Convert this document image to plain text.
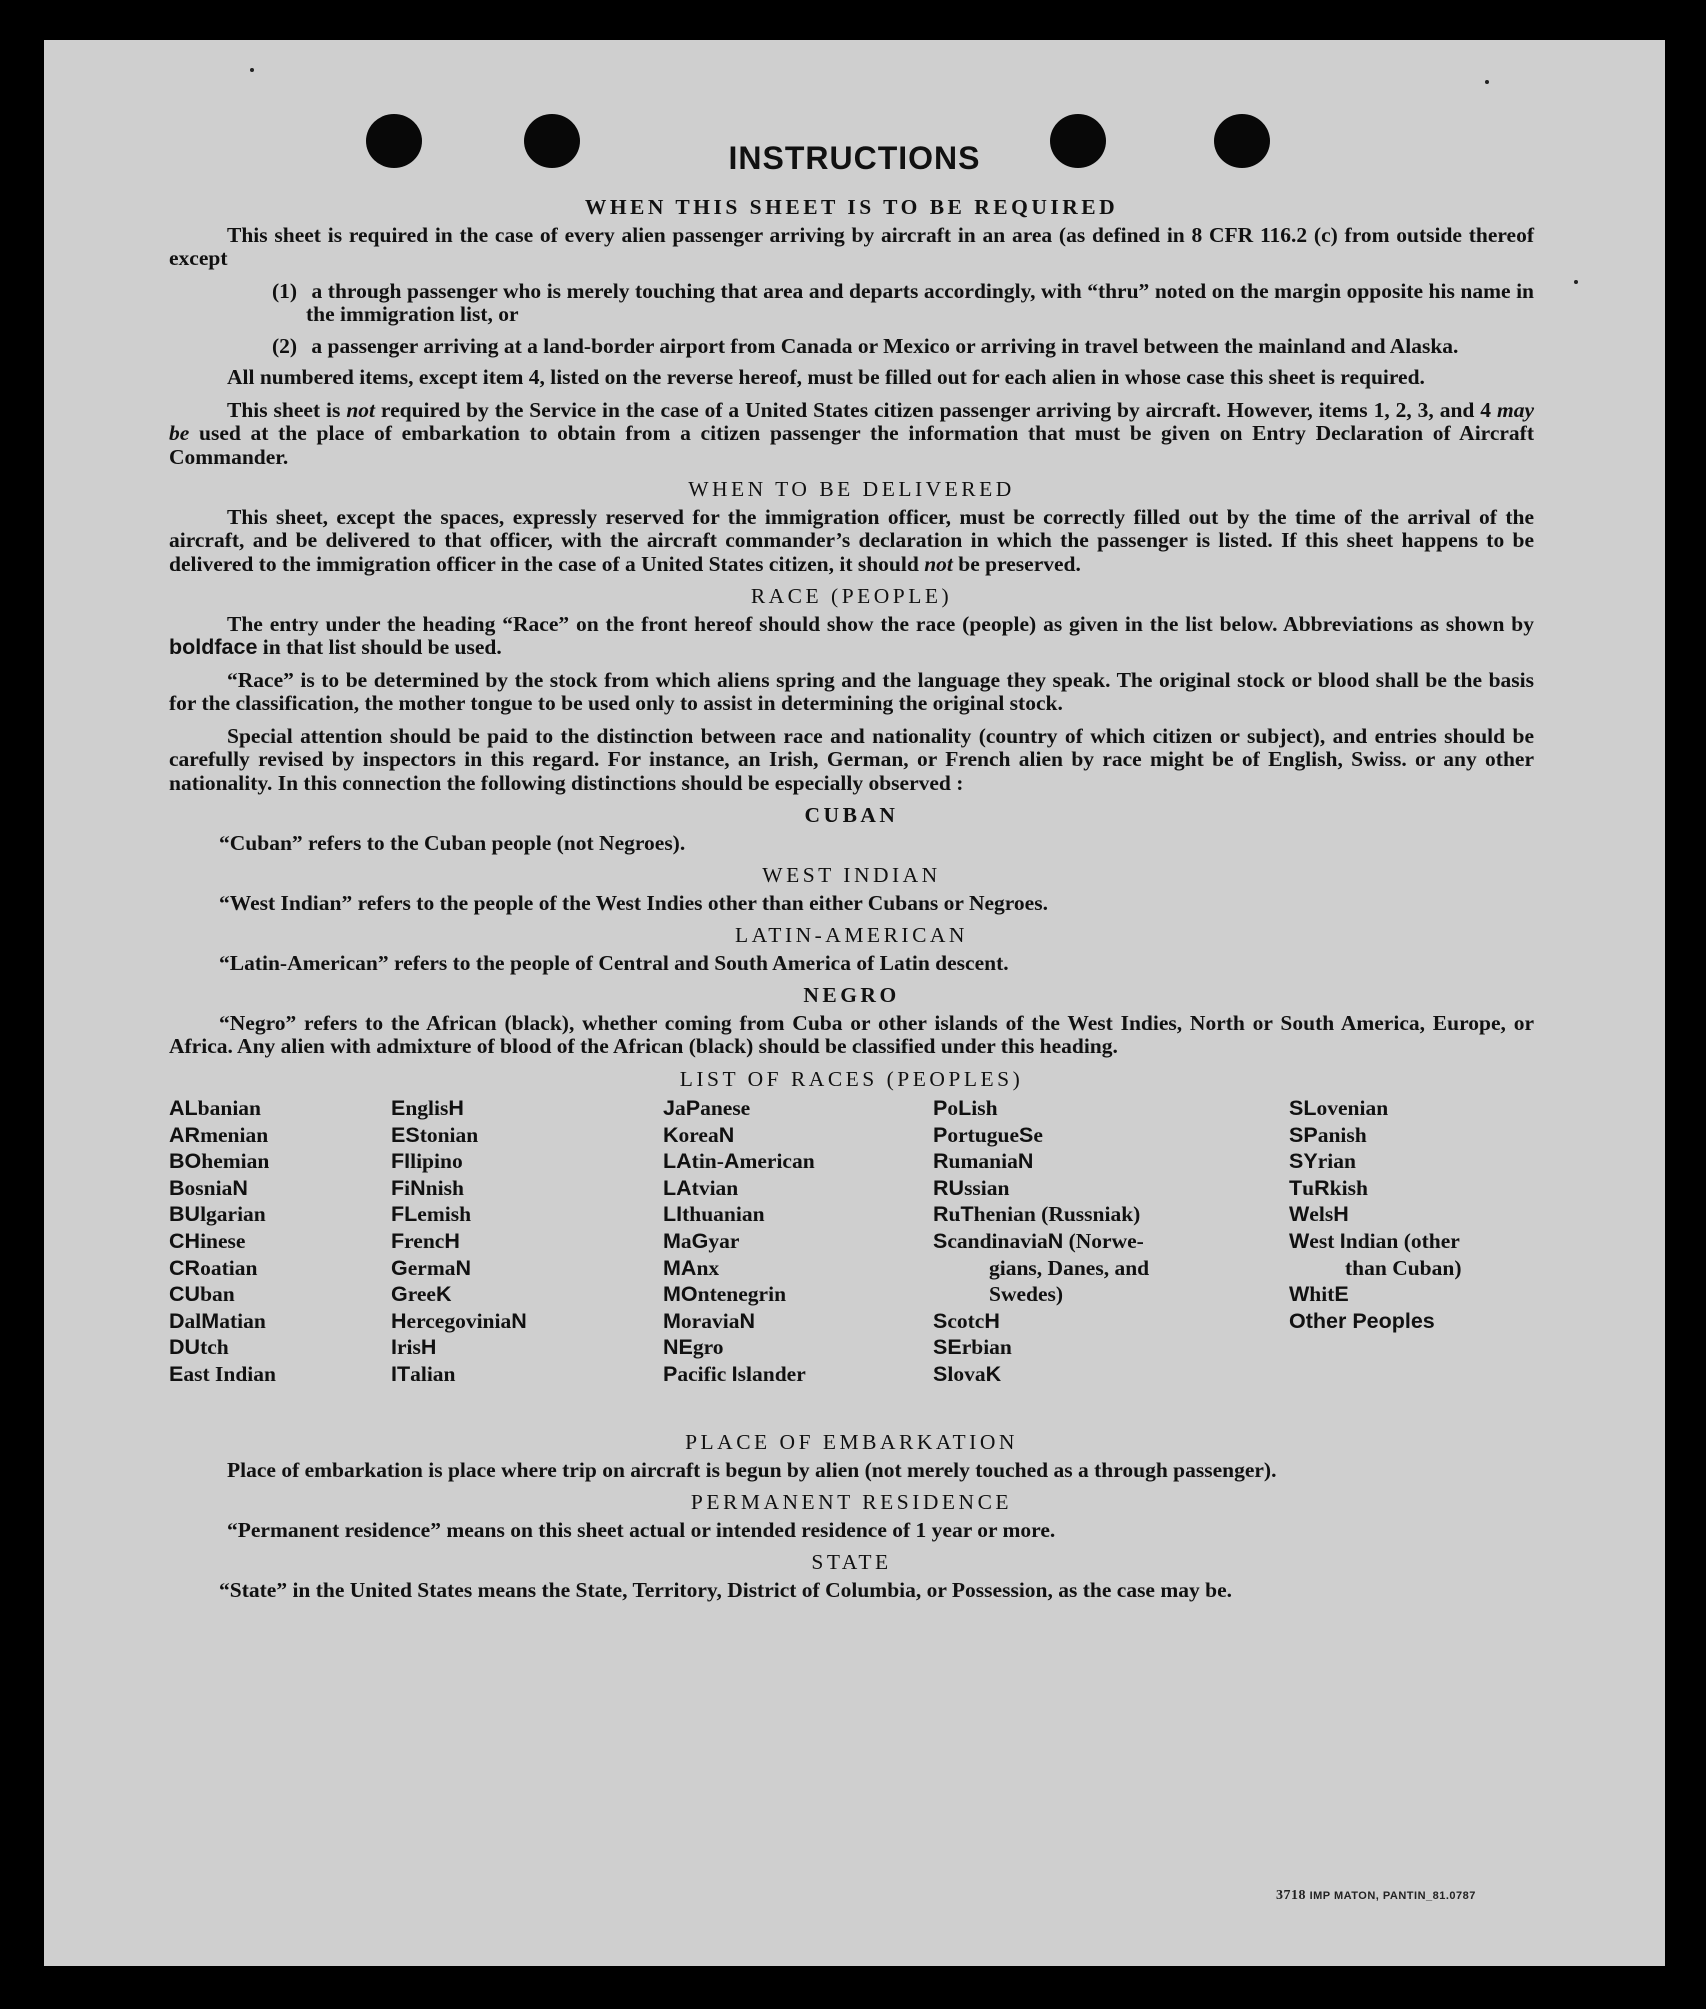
INSTRUCTIONS
WHEN THIS SHEET IS TO BE REQUIRED

This sheet is required in the case of every alien passenger arriving by aircraft in an area (as defined in 8 CFR 116.2 (c) from outside thereof except

(1) a through passenger who is merely touching that area and departs accordingly, with “thru” noted on the margin opposite his name in the immigration list, or
(2) a passenger arriving at a land-border airport from Canada or Mexico or arriving in travel between the mainland and Alaska.

All numbered items, except item 4, listed on the reverse hereof, must be filled out for each alien in whose case this sheet is required.

This sheet is not required by the Service in the case of a United States citizen passenger arriving by aircraft. However, items 1, 2, 3, and 4 may be used at the place of embarkation to obtain from a citizen passenger the information that must be given on Entry Declaration of Aircraft Commander.

WHEN TO BE DELIVERED

This sheet, except the spaces, expressly reserved for the immigration officer, must be correctly filled out by the time of the arrival of the aircraft, and be delivered to that officer, with the aircraft commander’s declaration in which the passenger is listed. If this sheet happens to be delivered to the immigration officer in the case of a United States citizen, it should not be preserved.

RACE (PEOPLE)

The entry under the heading “Race” on the front hereof should show the race (people) as given in the list below. Abbreviations as shown by boldface in that list should be used.

“Race” is to be determined by the stock from which aliens spring and the language they speak. The original stock or blood shall be the basis for the classification, the mother tongue to be used only to assist in determining the original stock.

Special attention should be paid to the distinction between race and nationality (country of which citizen or subject), and entries should be carefully revised by inspectors in this regard. For instance, an Irish, German, or French alien by race might be of English, Swiss. or any other nationality. In this connection the following distinctions should be especially observed :

CUBAN

“Cuban” refers to the Cuban people (not Negroes).

WEST INDIAN

“West Indian” refers to the people of the West Indies other than either Cubans or Negroes.

LATIN-AMERICAN

“Latin-American” refers to the people of Central and South America of Latin descent.

NEGRO

“Negro” refers to the African (black), whether coming from Cuba or other islands of the West Indies, North or South America, Europe, or Africa. Any alien with admixture of blood of the African (black) should be classified under this heading.

LIST OF RACES (PEOPLES)
ALbanian
ARmenian
BOhemian
BosniaN
BUlgarian
CHinese
CRoatian
CUban
DalMatian
DUtch
East Indian
EnglisH
EStonian
FIlipino
FiNnish
FLemish
FrencH
GermaN
GreeK
HercegoviniaN
IrisH
ITalian
JaPanese
KoreaN
LAtin-American
LAtvian
LIthuanian
MaGyar
MAnx
MOntenegrin
MoraviaN
NEgro
Pacific Islander
PoLish
PortugueSe
RumaniaN
RUssian
RuThenian (Russniak)
ScandinaviaN (Norwe-
gians, Danes, and
Swedes)
ScotcH
SErbian
SlovaK
SLovenian
SPanish
SYrian
TuRkish
WelsH
West Indian (other
than Cuban)
WhitE
Other Peoples
PLACE OF EMBARKATION

Place of embarkation is place where trip on aircraft is begun by alien (not merely touched as a through passenger).

PERMANENT RESIDENCE

“Permanent residence” means on this sheet actual or intended residence of 1 year or more.

STATE

“State” in the United States means the State, Territory, District of Columbia, or Possession, as the case may be.

3718 IMP MATON, PANTIN_81.0787
